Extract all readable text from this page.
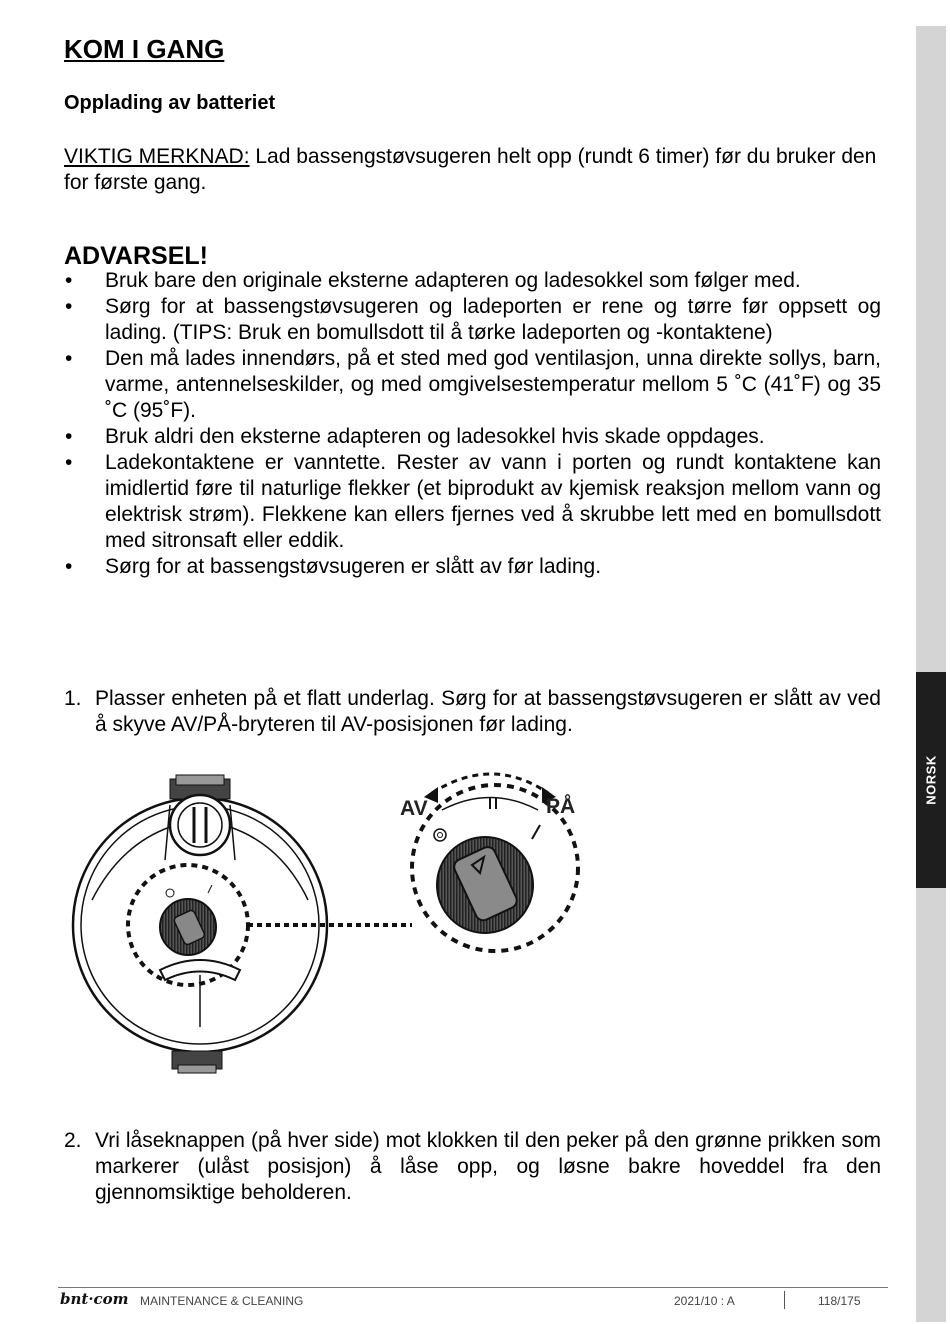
NORSK
KOM I GANG
Opplading av batteriet

VIKTIG MERKNAD: Lad bassengstøvsugeren helt opp (rundt 6 timer) før du bruker den for første gang.

ADVARSEL!
• Bruk bare den originale eksterne adapteren og ladesokkel som følger med.
• Sørg for at bassengstøvsugeren og ladeporten er rene og tørre før oppsett og lading. (TIPS: Bruk en bomullsdott til å tørke ladeporten og -kontaktene)
• Den må lades innendørs, på et sted med god ventilasjon, unna direkte sollys, barn, varme, antennelseskilder, og med omgivelsestemperatur mellom 5 ˚C (41˚F) og 35 ˚C (95˚F).
• Bruk aldri den eksterne adapteren og ladesokkel hvis skade oppdages.
• Ladekontaktene er vanntette. Rester av vann i porten og rundt kontaktene kan imidlertid føre til naturlige flekker (et biprodukt av kjemisk reaksjon mellom vann og elektrisk strøm). Flekkene kan ellers fjernes ved å skrubbe lett med en bomullsdott med sitronsaft eller eddik.
• Sørg for at bassengstøvsugeren er slått av før lading.
1. Plasser enheten på et flatt underlag. Sørg for at bassengstøvsugeren er slått av ved å skyve AV/PÅ-bryteren til AV-posisjonen før lading.
AV	PÅ
2. Vri låseknappen (på hver side) mot klokken til den peker på den grønne prikken som markerer (ulåst posisjon) å låse opp, og løsne bakre hoveddel fra den gjennomsiktige beholderen.
bnt·com MAINTENANCE & CLEANING	2021/10 : A	118/175
